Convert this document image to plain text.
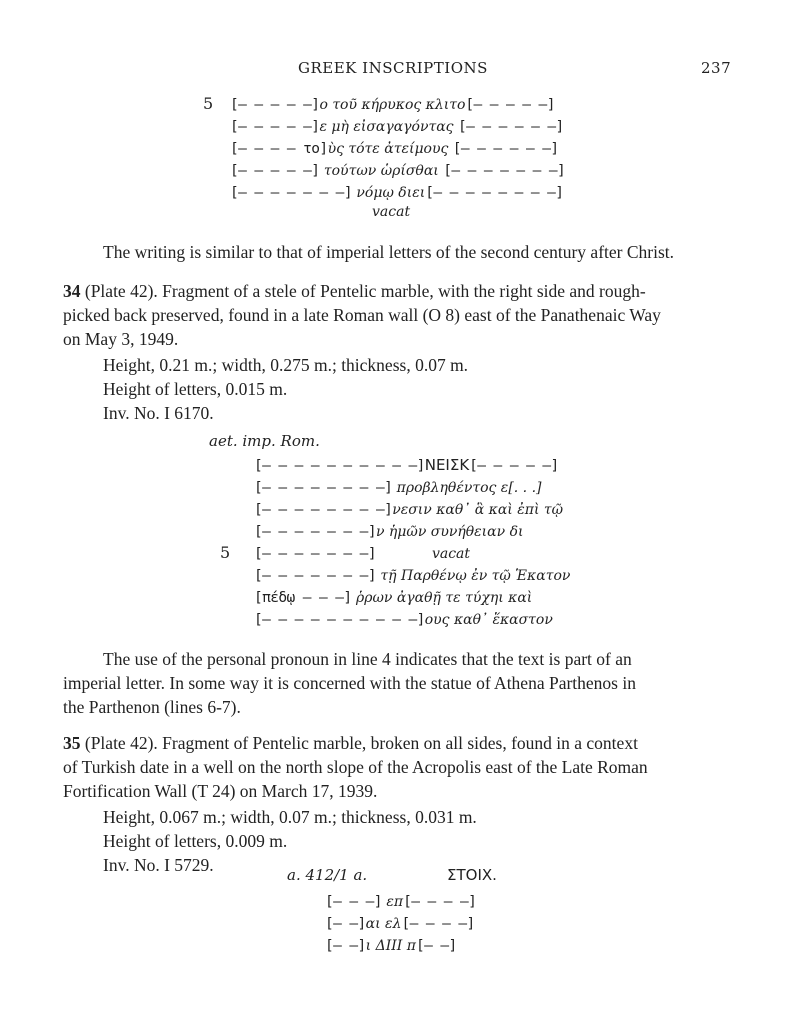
GREEK INSCRIPTIONS	237
5 [– – – – –]ο τοῦ κήρυκος κλιτο[– – – – –]
[– – – – –]ε μὴ εἰσαγαγόντας [– – – – – –]
[– – – – το]ὺς τότε ἀτείμους [– – – – – –]
[– – – – –] τούτων ὡρίσθαι [– – – – – – –]
[– – – – – – –] νόμῳ διει[– – – – – – – –]
vacat
The writing is similar to that of imperial letters of the second century after Christ.
34 (Plate 42). Fragment of a stele of Pentelic marble, with the right side and rough-
picked back preserved, found in a late Roman wall (O 8) east of the Panathenaic Way
on May 3, 1949.
Height, 0.21 m.; width, 0.275 m.; thickness, 0.07 m.
Height of letters, 0.015 m.
Inv. No. I 6170.
aet. imp. Rom.
5
[– – – – – – – – – –]ΝΕΙΣΚ[– – – – –]
[– – – – – – – –] προβληθέντος ε[. . .]
[– – – – – – – –]νεσιν καθ᾽ ἃ καὶ ἐπὶ τῷ
[– – – – – – –]ν ἡμῶν συνήθειαν δι
[– – – – – – –]	vacat
[– – – – – – –] τῇ Παρθένῳ ἐν τῷ Ἑκατον
[πέδῳ – – –] ῥρων ἀγαθῇ τε τύχηι καὶ
[– – – – – – – – – –]ους καθ᾽ ἕκαστον
The use of the personal pronoun in line 4 indicates that the text is part of an
imperial letter. In some way it is concerned with the statue of Athena Parthenos in
the Parthenon (lines 6-7).
35 (Plate 42). Fragment of Pentelic marble, broken on all sides, found in a context
of Turkish date in a well on the north slope of the Acropolis east of the Late Roman
Fortification Wall (T 24) on March 17, 1939.
Height, 0.067 m.; width, 0.07 m.; thickness, 0.031 m.
Height of letters, 0.009 m.
Inv. No. I 5729.	a. 412/1 a.	ΣΤΟΙΧ.
[– – –] επ[– – – –]
[– –]αι ελ[– – – –]
[– –]ι ΔΙΙΙ π[– –]
